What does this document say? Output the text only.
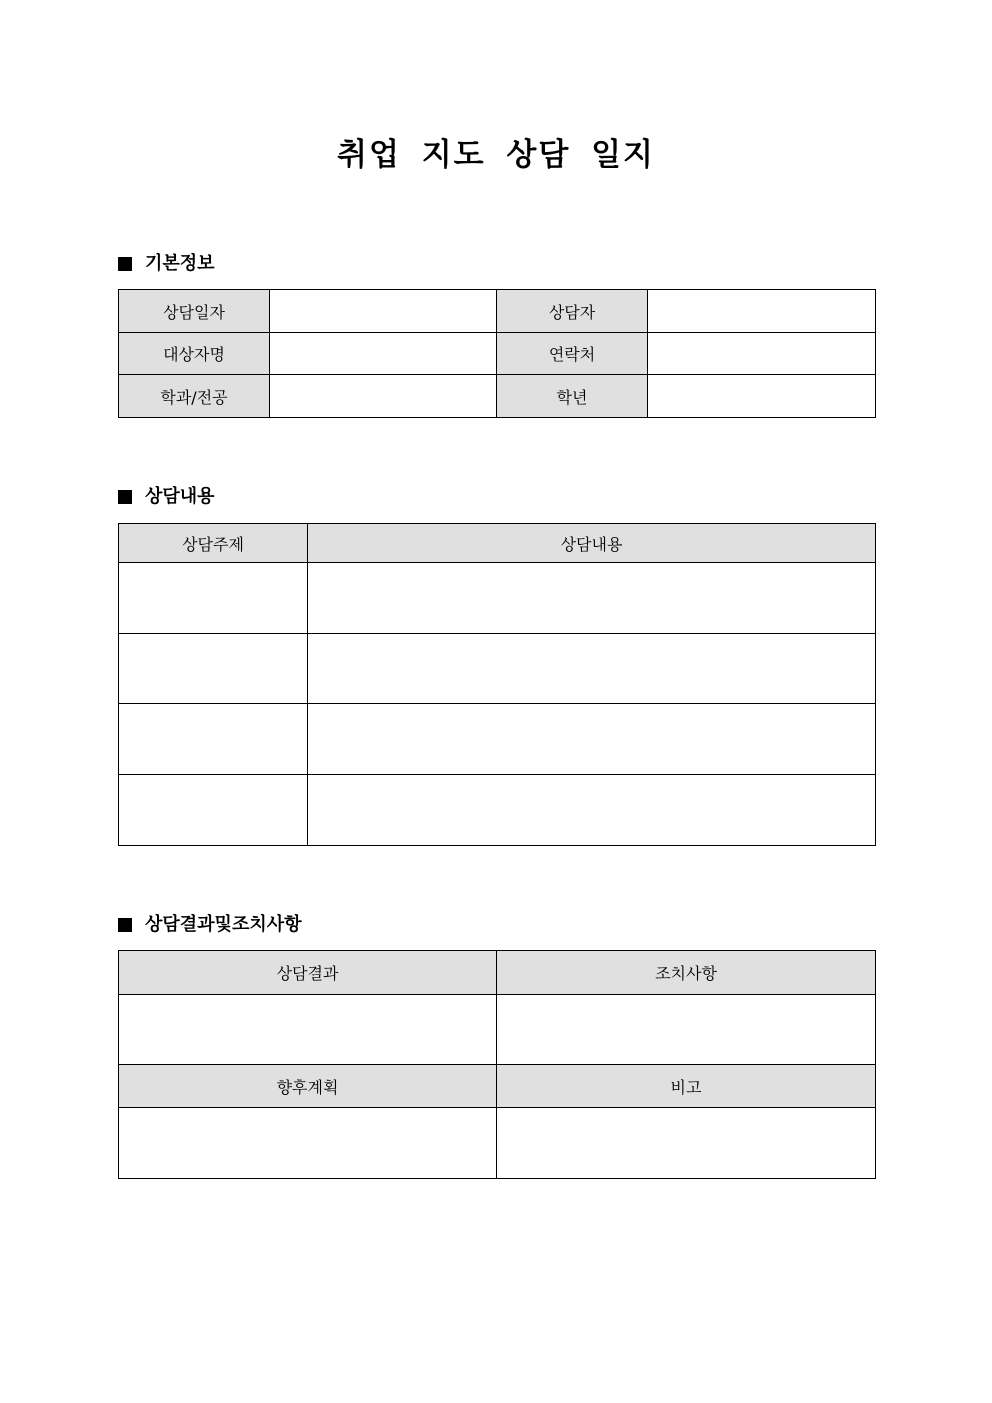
취업 지도 상담 일지
기본정보
상담일자		상담자	
대상자명		연락처	
학과/전공		학년	
상담내용
상담주제	상담내용

상담결과및조치사항
상담결과	조치사항

향후계획	비고
